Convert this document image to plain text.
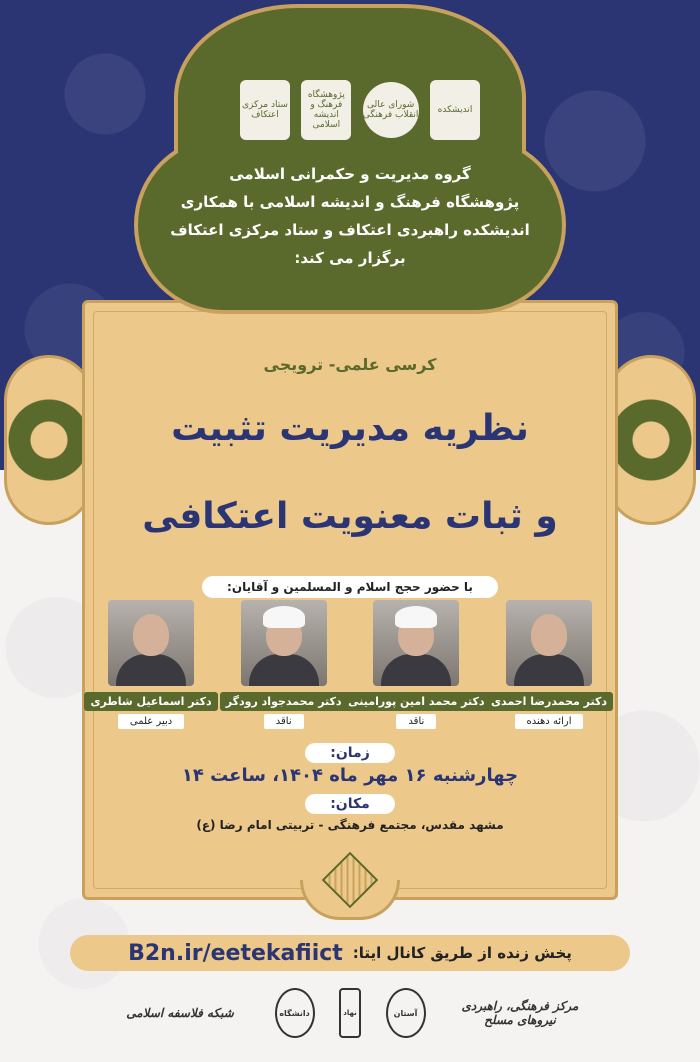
ستاد مرکزی اعتکاف
پژوهشگاه فرهنگ و اندیشه اسلامی
شورای عالی انقلاب فرهنگی	اندیشکده
گروه مدیریت و حکمرانی اسلامی
پژوهشگاه فرهنگ و اندیشه اسلامی با همکاری
اندیشکده راهبردی اعتکاف و ستاد مرکزی اعتکاف
برگزار می کند:
کرسی علمی- ترویجی
نظریه مدیریت تثبیت
و ثبات معنویت اعتکافی
با حضور حجج اسلام و المسلمین و آقایان:
دکتر محمدرضا احمدی
ارائه دهنده
دکتر محمد امین پورامینی
ناقد
دکتر محمدجواد رودگر
ناقد
دکتر اسماعیل شاطری
دبیر علمی
زمان:
چهارشنبه ۱۶ مهر ماه ۱۴۰۴، ساعت ۱۴
مکان:
مشهد مقدس، مجتمع فرهنگی - تربیتی امام رضا (ع)
پخش زنده از طریق کانال ایتا:
B2n.ir/eetekafiict
شبکه فلاسفه اسلامی	دانشگاه	نهاد	آستان	مرکز فرهنگی، راهبردی نیروهای مسلح
